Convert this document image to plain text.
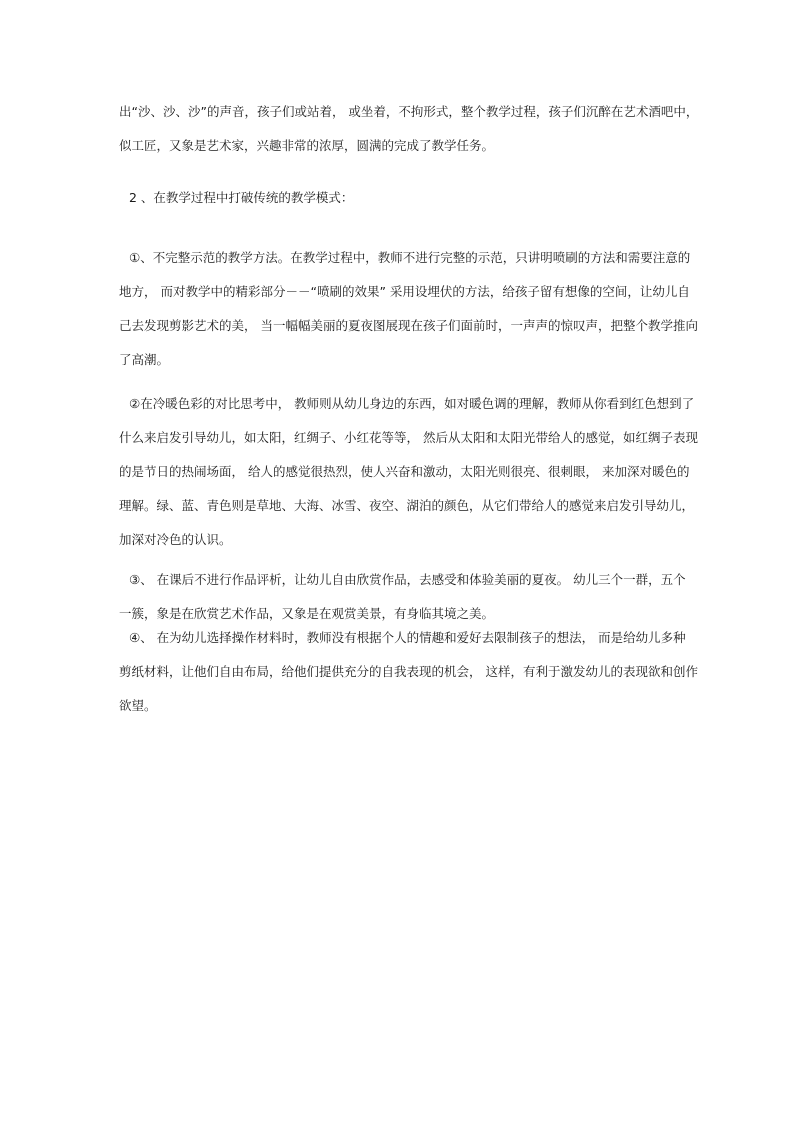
出“沙、沙、沙”的声音，孩子们或站着， 或坐着，不拘形式，整个教学过程，孩子们沉醉在艺术酒吧中，
似工匠，又象是艺术家，兴趣非常的浓厚，圆满的完成了教学任务。

2 、在教学过程中打破传统的教学模式：

①、不完整示范的教学方法。在教学过程中，教师不进行完整的示范，只讲明喷刷的方法和需要注意的
地方， 而对教学中的精彩部分－－“喷刷的效果” 采用设埋伏的方法，给孩子留有想像的空间，让幼儿自
己去发现剪影艺术的美， 当一幅幅美丽的夏夜图展现在孩子们面前时，一声声的惊叹声，把整个教学推向
了高潮。

②在冷暖色彩的对比思考中， 教师则从幼儿身边的东西，如对暖色调的理解，教师从你看到红色想到了
什么来启发引导幼儿，如太阳，红绸子、小红花等等， 然后从太阳和太阳光带给人的感觉，如红绸子表现
的是节日的热闹场面， 给人的感觉很热烈，使人兴奋和激动，太阳光则很亮、很刺眼， 来加深对暖色的
理解。绿、蓝、青色则是草地、大海、冰雪、夜空、湖泊的颜色，从它们带给人的感觉来启发引导幼儿，
加深对冷色的认识。

③、 在课后不进行作品评析，让幼儿自由欣赏作品，去感受和体验美丽的夏夜。 幼儿三个一群，五个
一簇，象是在欣赏艺术作品，又象是在观赏美景，有身临其境之美。

④、 在为幼儿选择操作材料时，教师没有根据个人的情趣和爱好去限制孩子的想法， 而是给幼儿多种
剪纸材料，让他们自由布局，给他们提供充分的自我表现的机会， 这样，有利于激发幼儿的表现欲和创作
欲望。
